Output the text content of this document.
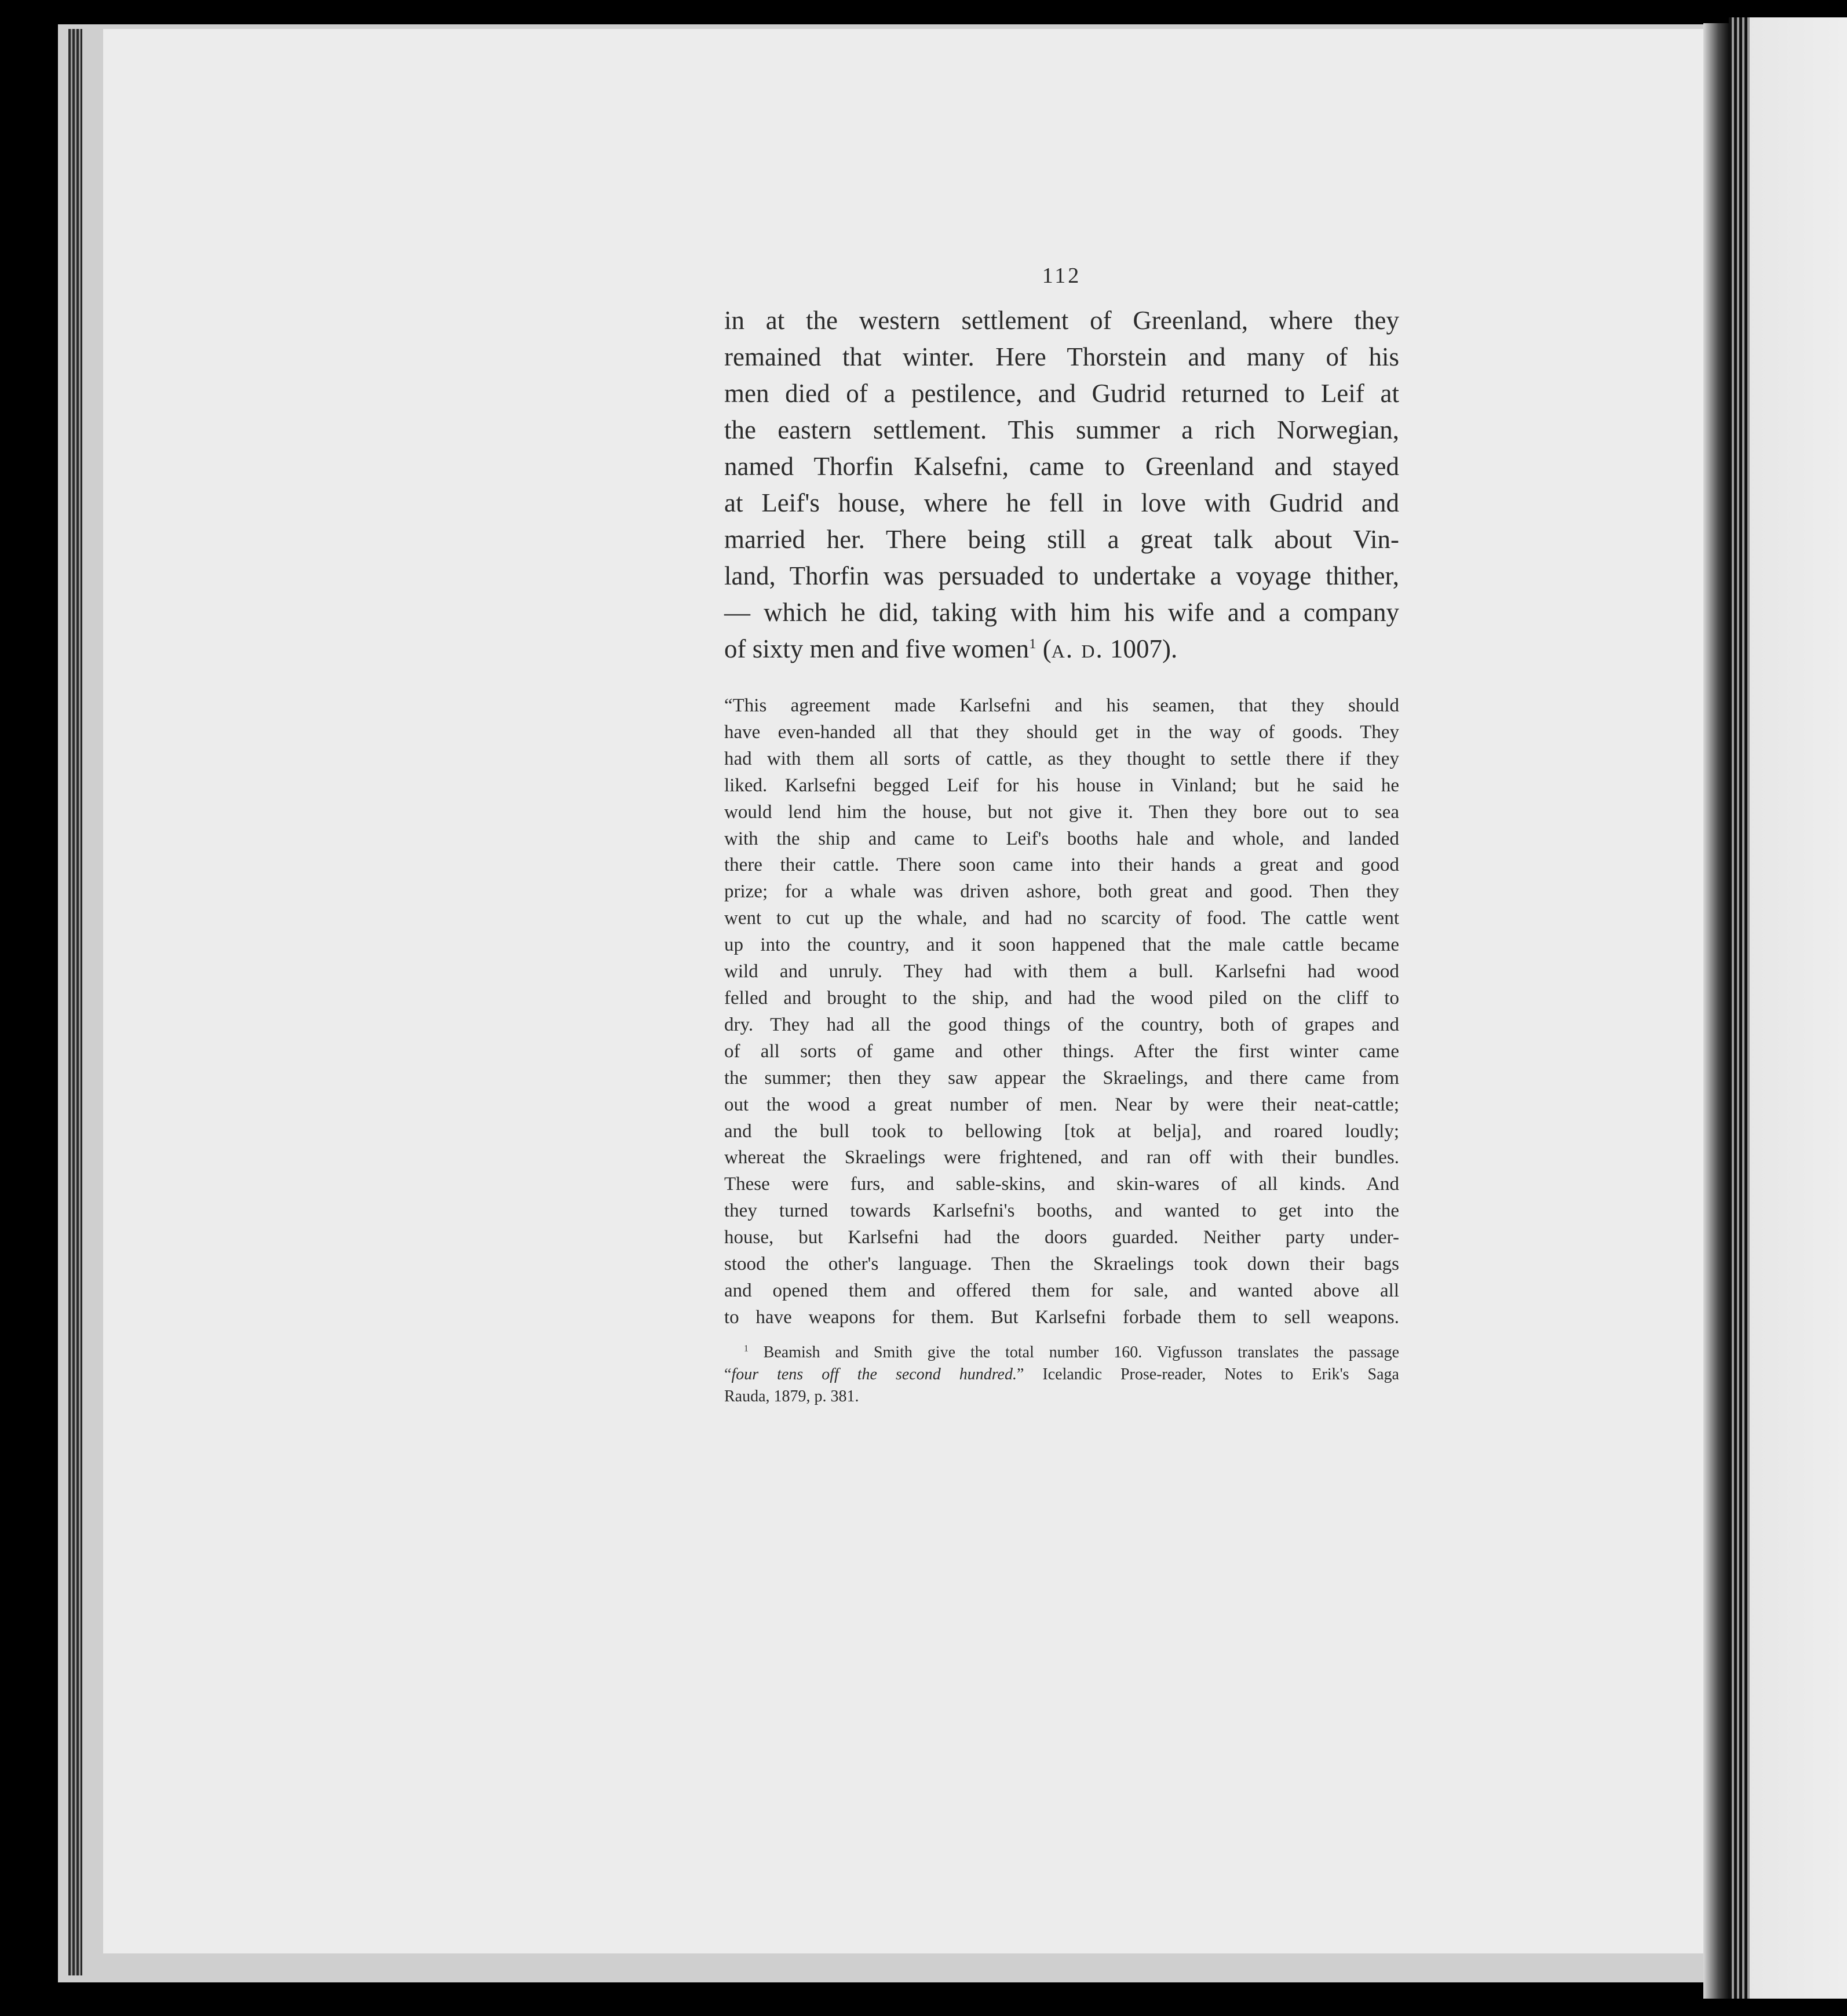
112
in at the western settlement of Greenland, where they
remained that winter. Here Thorstein and many of his
men died of a pestilence, and Gudrid returned to Leif at
the eastern settlement. This summer a rich Norwegian,
named Thorfin Kalsefni, came to Greenland and stayed
at Leif's house, where he fell in love with Gudrid and
married her. There being still a great talk about Vin-
land, Thorfin was persuaded to undertake a voyage thither,
— which he did, taking with him his wife and a company
of sixty men and five women$^1$ (a. d. 1007).
“This agreement made Karlsefni and his seamen, that they should
have even-handed all that they should get in the way of goods. They
had with them all sorts of cattle, as they thought to settle there if they
liked. Karlsefni begged Leif for his house in Vinland; but he said he
would lend him the house, but not give it. Then they bore out to sea
with the ship and came to Leif's booths hale and whole, and landed
there their cattle. There soon came into their hands a great and good
prize; for a whale was driven ashore, both great and good. Then they
went to cut up the whale, and had no scarcity of food. The cattle went
up into the country, and it soon happened that the male cattle became
wild and unruly. They had with them a bull. Karlsefni had wood
felled and brought to the ship, and had the wood piled on the cliff to
dry. They had all the good things of the country, both of grapes and
of all sorts of game and other things. After the first winter came
the summer; then they saw appear the Skraelings, and there came from
out the wood a great number of men. Near by were their neat-cattle;
and the bull took to bellowing [tok at belja], and roared loudly;
whereat the Skraelings were frightened, and ran off with their bundles.
These were furs, and sable-skins, and skin-wares of all kinds. And
they turned towards Karlsefni's booths, and wanted to get into the
house, but Karlsefni had the doors guarded. Neither party under-
stood the other's language. Then the Skraelings took down their bags
and opened them and offered them for sale, and wanted above all
to have weapons for them. But Karlsefni forbade them to sell weapons.
$^1$ Beamish and Smith give the total number 160. Vigfusson translates the passage
“four tens off the second hundred.” Icelandic Prose-reader, Notes to Erik's Saga
Rauda, 1879, p. 381.
